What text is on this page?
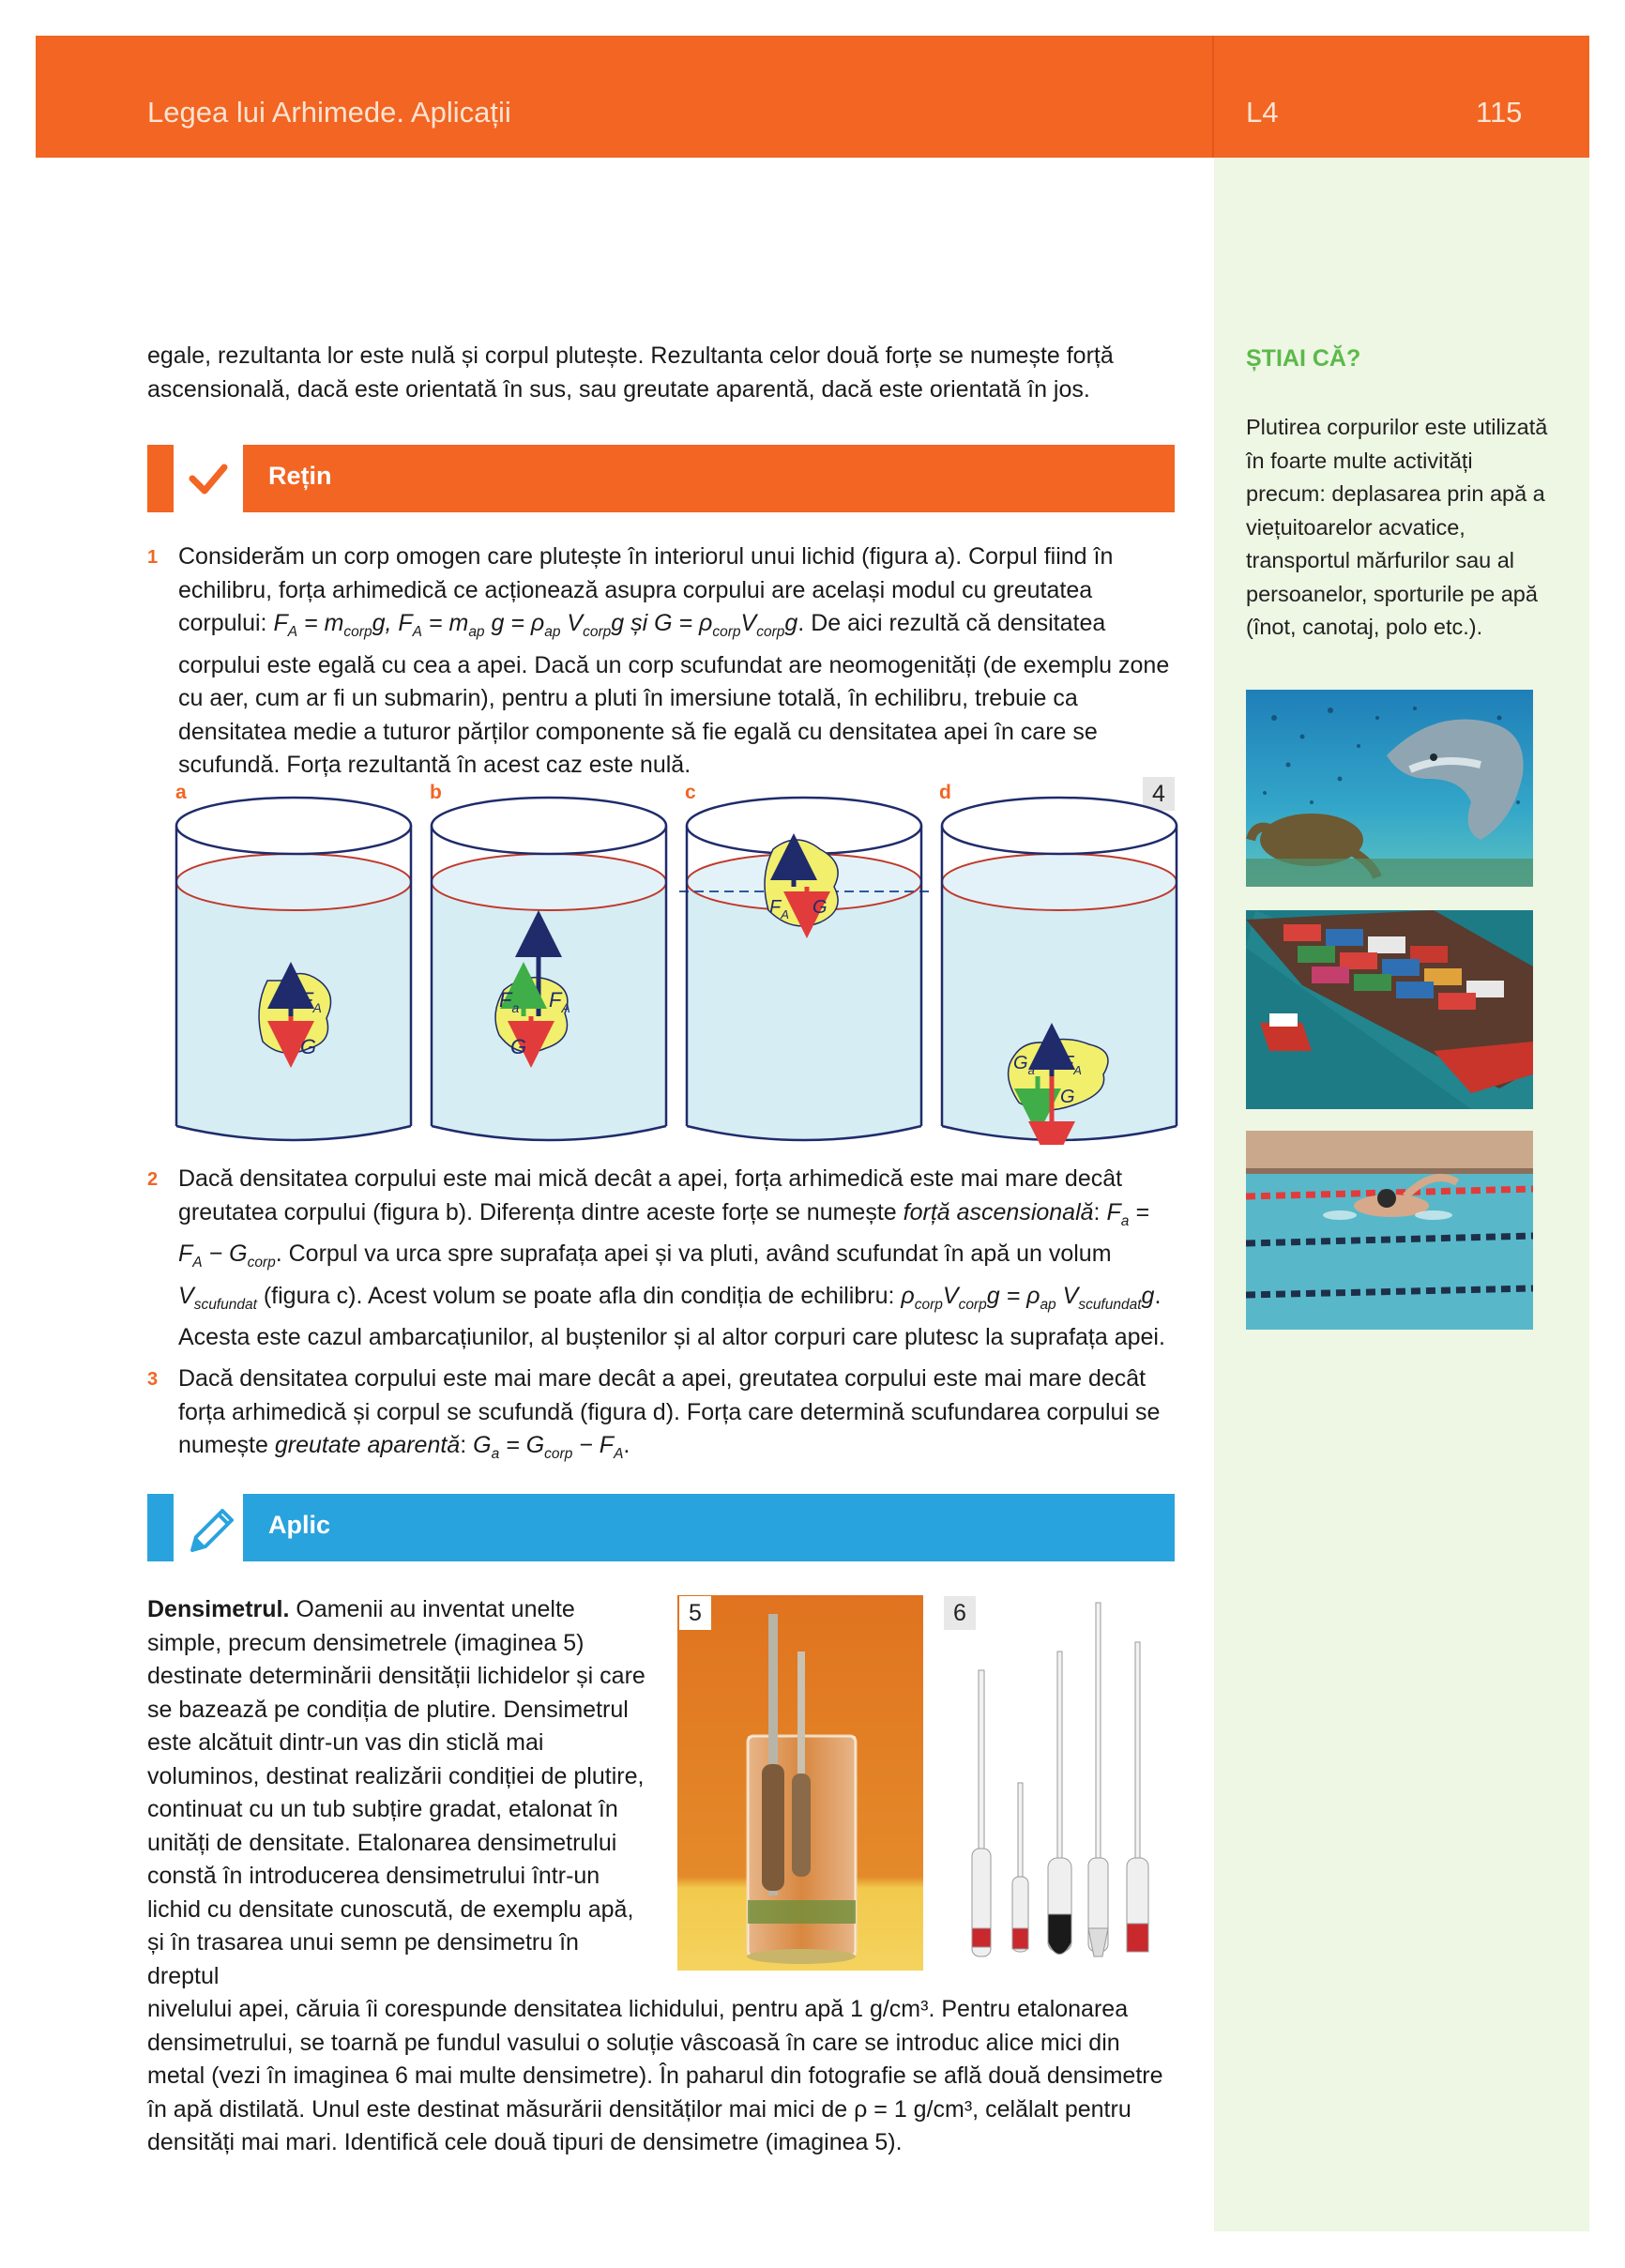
Legea lui Arhimede. Aplicații	L4	115
ȘTIAI CĂ?
Plutirea corpurilor este utilizată în foarte multe activități precum: deplasarea prin apă a viețuitoarelor acvatice, transportul mărfurilor sau al persoanelor, sporturile pe apă (înot, canotaj, polo etc.).
egale, rezultanta lor este nulă și corpul plutește. Rezultanta celor două forțe se numește forță ascensională, dacă este orientată în sus, sau greutate aparentă, dacă este orientată în jos.
Rețin
1 Considerăm un corp omogen care plutește în interiorul unui lichid (figura a). Corpul fiind în echilibru, forța arhimedică ce acționează asupra corpului are același modul cu greutatea corpului: $F_A = m_{corp}g$, $F_A = m_{ap}$ $g = \rho_{ap}$ $V_{corp}g$ și $G = \rho_{corp}V_{corp}g$. De aici rezultă că densitatea corpului este egală cu cea a apei. Dacă un corp scufundat are neomogenități (de exemplu zone cu aer, cum ar fi un submarin), pentru a pluti în imersiune totală, în echilibru, trebuie ca densitatea medie a tuturor părților componente să fie egală cu densitatea apei în care se scufundă. Forța rezultantă în acest caz este nulă.
a	b	c	d	4
$F_A$
G
$F_a$ $F_A$
G
$F_A$ G
$G_a$ $F_A$
G
2 Dacă densitatea corpului este mai mică decât a apei, forța arhimedică este mai mare decât greutatea corpului (figura b). Diferența dintre aceste forțe se numește forță ascensională: $F_a = F_A - G_{corp}$. Corpul va urca spre suprafața apei și va pluti, având scufundat în apă un volum $V_{scufundat}$ (figura c). Acest volum se poate afla din condiția de echilibru: $\rho_{corp}V_{corp}g = \rho_{ap}$ $V_{scufundat}g$. Acesta este cazul ambarcațiunilor, al buștenilor și al altor corpuri care plutesc la suprafața apei.
3 Dacă densitatea corpului este mai mare decât a apei, greutatea corpului este mai mare decât forța arhimedică și corpul se scufundă (figura d). Forța care determină scufundarea corpului se numește greutate aparentă: $G_a = G_{corp} - F_A$.
Aplic
Densimetrul. Oamenii au inventat unelte simple, precum densimetrele (imaginea 5) destinate determinării densității lichidelor și care se bazează pe condiția de plutire. Densimetrul este alcătuit dintr-un vas din sticlă mai voluminos, destinat realizării condiției de plutire, continuat cu un tub subțire gradat, etalonat în unități de densitate. Etalonarea densimetrului constă în introducerea densimetrului într-un lichid cu densitate cunoscută, de exemplu apă, și în trasarea unui semn pe densimetru în dreptul
nivelului apei, căruia îi corespunde densitatea lichidului, pentru apă 1 g/cm³. Pentru etalonarea densimetrului, se toarnă pe fundul vasului o soluție vâscoasă în care se introduc alice mici din metal (vezi în imaginea 6 mai multe densimetre). În paharul din fotografie se află două densimetre în apă distilată. Unul este destinat măsurării densităților mai mici de ρ = 1 g/cm³, celălalt pentru densități mai mari. Identifică cele două tipuri de densimetre (imaginea 5).
5	6
